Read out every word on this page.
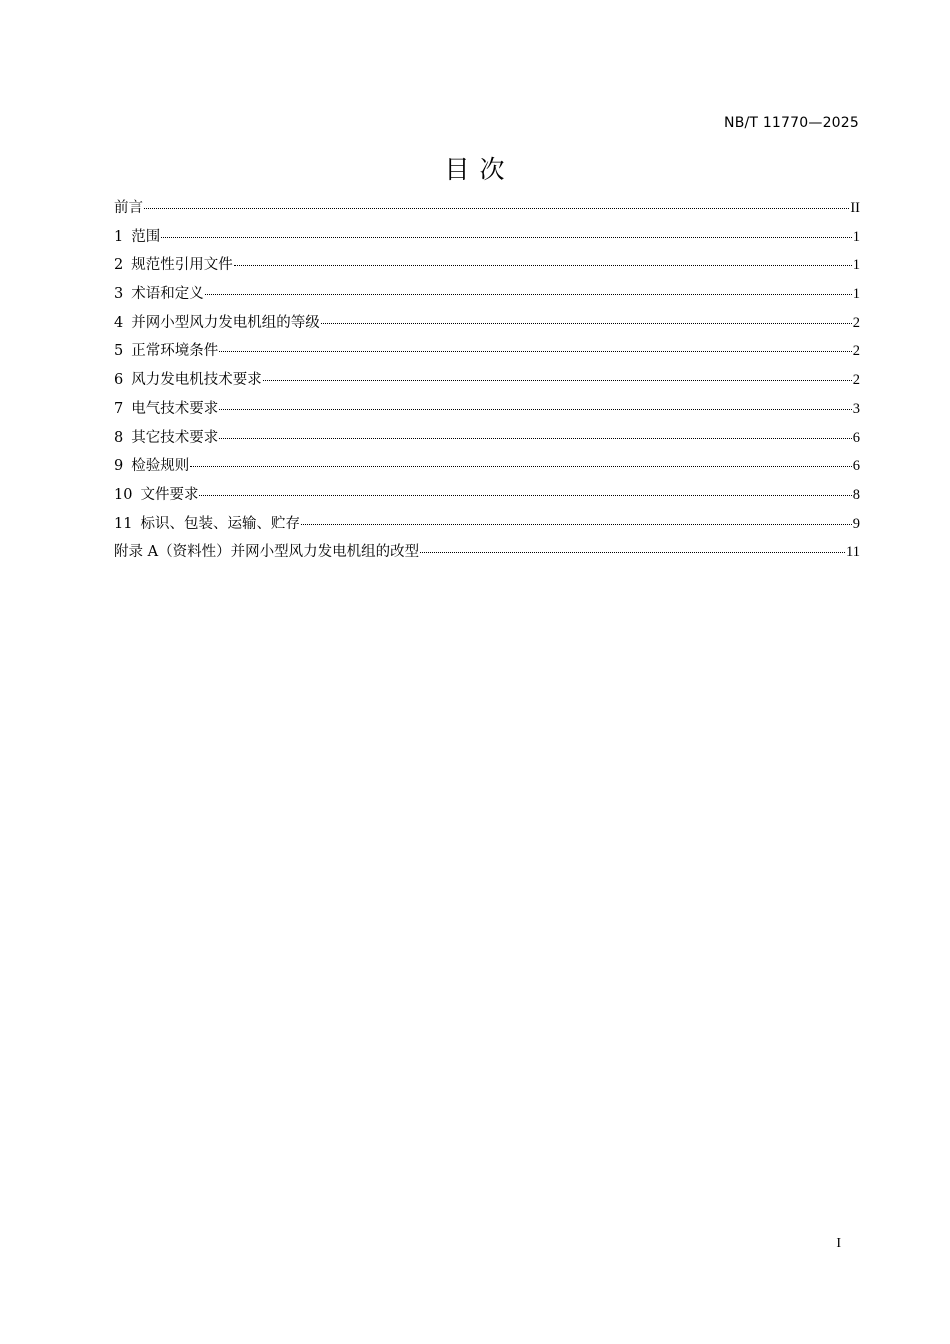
NB/T 11770—2025
目 次
前言	II
1 范围	1
2 规范性引用文件	1
3 术语和定义	1
4 并网小型风力发电机组的等级	2
5 正常环境条件	2
6 风力发电机技术要求	2
7 电气技术要求	3
8 其它技术要求	6
9 检验规则	6
10 文件要求	8
11 标识、包装、运输、贮存	9
附录 A（资料性）并网小型风力发电机组的改型	11
I
